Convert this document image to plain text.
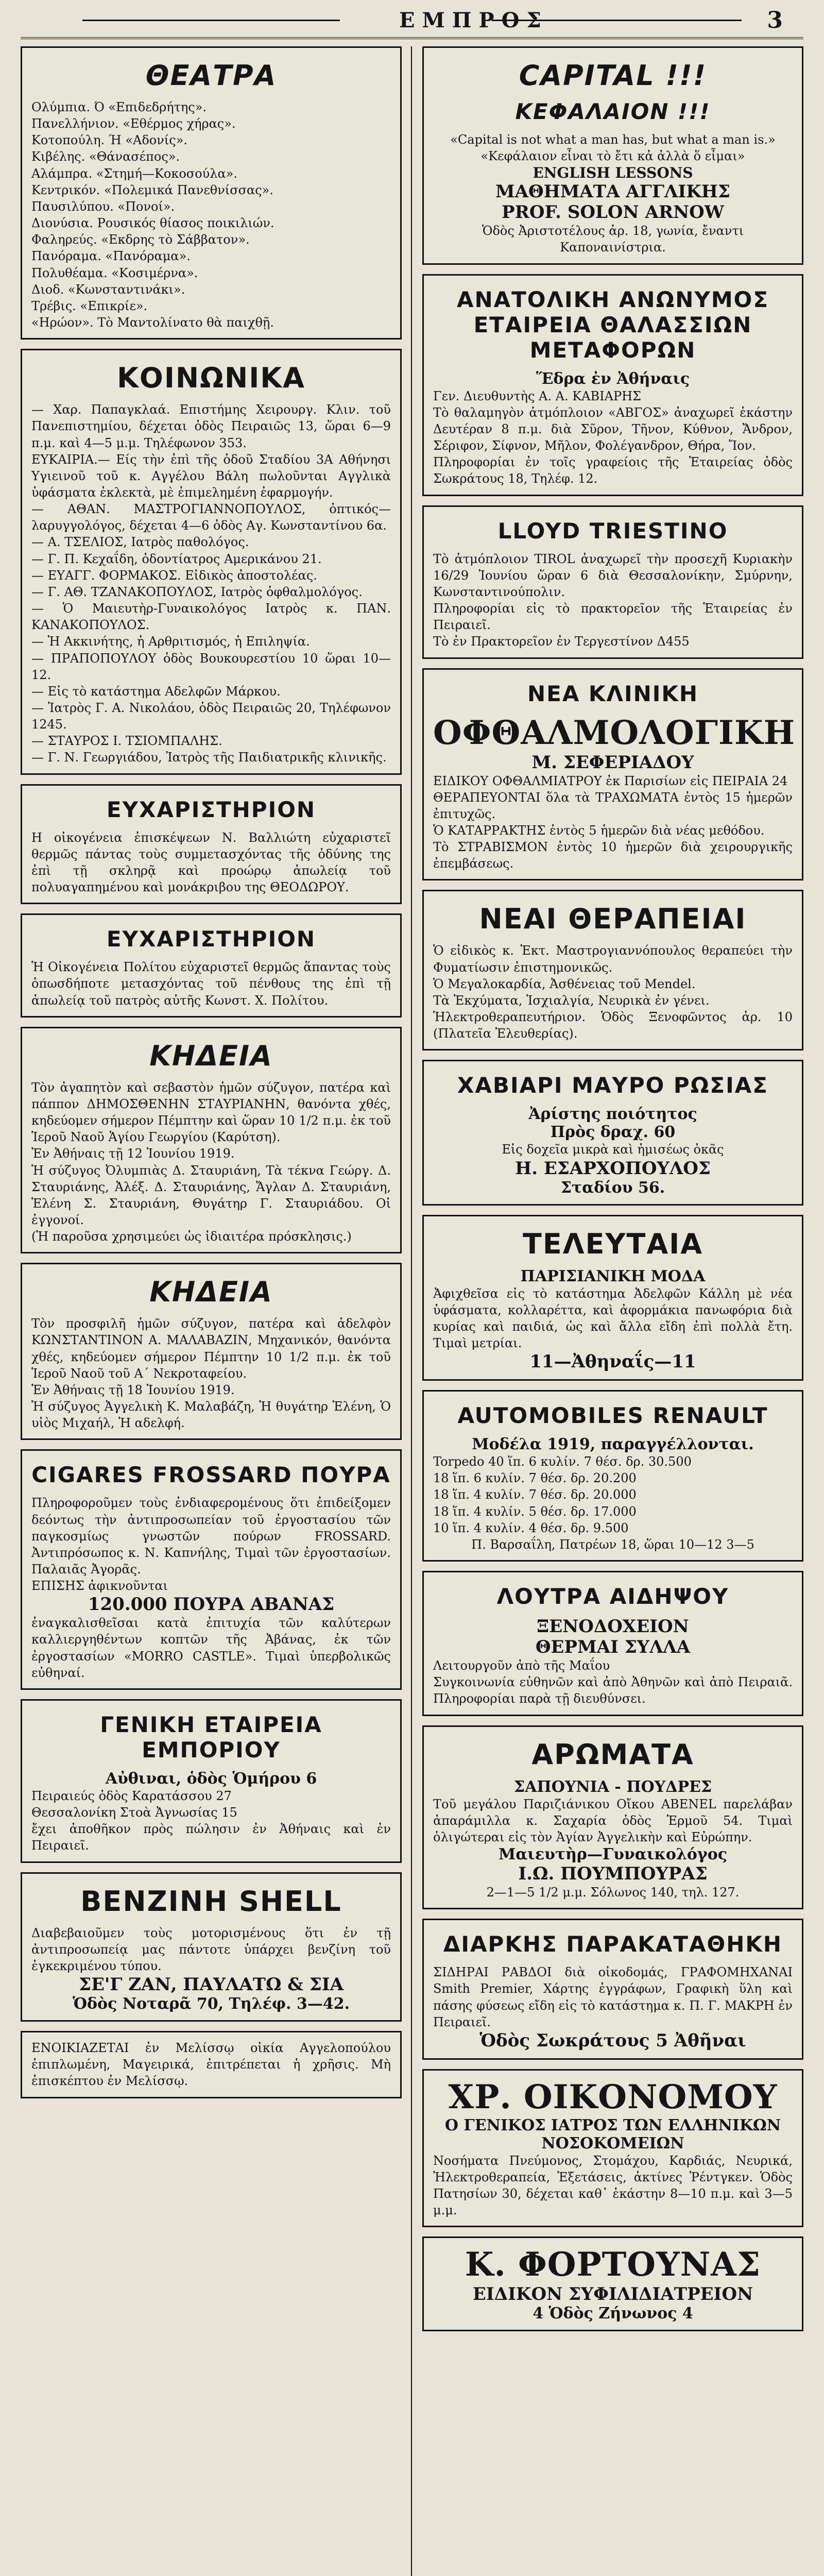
ΕΜΠΡΟΣ	3
ΘΕΑΤΡΑ
Ολύμπια. Ό «Επιδεδρήτης».
Πανελλήνιον. «Εθέρμος χήρας».
Κοτοπούλη. Ή «Αδονίς».
Κιβέλης. «Θάνασέπος».
Αλάμπρα. «Στημή—Κοκοσούλα».
Κεντρικόν. «Πολεμικά Πανεθνίσσας».
Παυσιλύπου. «Πονοί».
Διονύσια. Ρουσικός θίασος ποικιλιών.
Φαληρεύς. «Εκδρης τὸ Σάββατον».
Πανόραμα. «Πανόραμα».
Πολυθέαμα. «Κοσιμέρνα».
Διοδ. «Κωνσταντινάκι».
Τρέβις. «Επικρίε».
«Ηρώον». Τὸ Μαντολίνατο θὰ παιχθῇ.
ΚΟΙΝΩΝΙΚΑ
— Χαρ. Παπαγκλαά. Επιστήμης Χειρουργ. Κλιν. τοῦ Πανεπιστημίου, δέχεται ὁδὸς Πειραιῶς 13, ὥραι 6—9 π.μ. καὶ 4—5 μ.μ. Τηλέφωνον 353.
ΕΥΚΑΙΡΙΑ.— Είς τὴν ἐπὶ τῆς ὁδοῦ Σταδίου 3Α Αθήνησι Υγιεινοῦ τοῦ κ. Αγγέλου Βάλη πωλοῦνται Αγγλικὰ ὑφάσματα ἐκλεκτὰ, μὲ ἐπιμελημένη ἐφαρμογήν.
— ΑΘΑΝ. ΜΑΣΤΡΟΓΙΑΝΝΟΠΟΥΛΟΣ, ὀπτικός—λαρυγγολόγος, δέχεται 4—6 ὁδὸς Αγ. Κωνσταντίνου 6α.
— Α. ΤΣΕΛΙΟΣ, Ιατρὸς παθολόγος.
— Γ. Π. Κεχαΐδη, ὀδοντίατρος Αμερικάνου 21.
— ΕΥΑΓΓ. ΦΟΡΜΑΚΟΣ. Εἰδικὸς ἀποστολέας.
— Γ. ΑΘ. ΤΖΑΝΑΚΟΠΟΥΛΟΣ, Ιατρὸς ὀφθαλμολόγος.
— Ὁ Μαιευτὴρ-Γυναικολόγος Ιατρὸς κ. ΠΑΝ. ΚΑΝΑΚΟΠΟΥΛΟΣ.
— Ἡ Ακκινήτης, ἡ Αρθριτισμός, ἡ Επιληψία.
— ΠΡΑΠΟΠΟΥΛΟΥ ὁδὸς Βουκουρεστίου 10 ὥραι 10—12.
— Εἰς τὸ κατάστημα Αδελφῶν Μάρκου.
— Ἰατρὸς Γ. Α. Νικολάου, ὁδὸς Πειραιῶς 20, Τηλέφωνον 1245.
— ΣΤΑΥΡΟΣ Ι. ΤΣΙΟΜΠΑΛΗΣ.
— Γ. Ν. Γεωργιάδου, Ἰατρὸς τῆς Παιδιατρικῆς κλινικῆς.
ΕΥΧΑΡΙΣΤΗΡΙΟΝ
Η οἰκογένεια ἐπισκέψεων Ν. Βαλλιώτη εὐχαριστεῖ θερμῶς πάντας τοὺς συμμετασχόντας τῆς ὀδύνης της ἐπὶ τῇ σκληρᾷ καὶ προώρῳ ἀπωλείᾳ τοῦ πολυαγαπημένου καὶ μονάκριβου της ΘΕΟΔΩΡΟΥ.
ΕΥΧΑΡΙΣΤΗΡΙΟΝ
Ἡ Οἰκογένεια Πολίτου εὐχαριστεῖ θερμῶς ἅπαντας τοὺς ὁπωσδήποτε μετασχόντας τοῦ πένθους της ἐπὶ τῇ ἀπωλείᾳ τοῦ πατρὸς αὐτῆς Κωνστ. Χ. Πολίτου.
ΚΗΔΕΙΑ
Τὸν ἀγαπητὸν καὶ σεβαστὸν ἡμῶν σύζυγον, πατέρα καὶ πάππον ΔΗΜΟΣΘΕΝΗΝ ΣΤΑΥΡΙΑΝΗΝ, θανόντα χθές, κηδεύομεν σήμερον Πέμπτην καὶ ὥραν 10 1/2 π.μ. ἐκ τοῦ Ἱεροῦ Ναοῦ Ἁγίου Γεωργίου (Καρύτση).
Ἐν Ἀθήναις τῇ 12 Ἰουνίου 1919.
Ἡ σύζυγος Ὀλυμπιὰς Δ. Σταυριάνη, Τὰ τέκνα Γεώργ. Δ. Σταυριάνης, Ἀλέξ. Δ. Σταυριάνης, Ἄγλαν Δ. Σταυριάνη, Ἑλένη Σ. Σταυριάνη, Θυγάτηρ Γ. Σταυριάδου. Οἱ ἐγγονοί.
(Ἡ παροῦσα χρησιμεύει ὡς ἰδιαιτέρα πρόσκλησις.)
ΚΗΔΕΙΑ
Τὸν προσφιλῆ ἡμῶν σύζυγον, πατέρα καὶ ἀδελφὸν ΚΩΝΣΤΑΝΤΙΝΟΝ Α. ΜΑΛΑΒΑΖΙΝ, Μηχανικόν, θανόντα χθές, κηδεύομεν σήμερον Πέμπτην 10 1/2 π.μ. ἐκ τοῦ Ἱεροῦ Ναοῦ τοῦ Α΄ Νεκροταφείου.
Ἐν Ἀθήναις τῇ 18 Ἰουνίου 1919.
Ἡ σύζυγος Ἀγγελικὴ Κ. Μαλαβάζη, Ἡ θυγάτηρ Ἑλένη, Ὁ υἱὸς Μιχαήλ, Ἡ αδελφή.
CIGARES FROSSARD ΠΟΥΡΑ
Πληροφοροῦμεν τοὺς ἐνδιαφερομένους ὅτι ἐπιδείξομεν δεόντως τὴν ἀντιπροσωπείαν τοῦ ἐργοστασίου τῶν παγκοσμίως γνωστῶν πούρων FROSSARD. Ἀντιπρόσωπος κ. Ν. Καπνήλης, Τιμαὶ τῶν ἐργοστασίων. Παλαιᾶς Ἀγορᾶς.
ΕΠΙΣΗΣ ἀφικνοῦνται
120.000 ΠΟΥΡΑ ΑΒΑΝΑΣ
ἐναγκαλισθεῖσαι κατὰ ἐπιτυχία τῶν καλύτερων καλλιεργηθέντων κοπτῶν τῆς Ἀβάνας, ἐκ τῶν ἐργοστασίων «MORRO CASTLE». Τιμαὶ ὑπερβολικῶς εὐθηναί.
ΓΕΝΙΚΗ ΕΤΑΙΡΕΙΑ ΕΜΠΟΡΙΟΥ
Αὐθιναι, ὁδὸς Ὁμήρου 6
Πειραιεύς ὁδὸς Καρατάσσου 27
Θεσσαλονίκη Στοὰ Ἀγνωσίας 15
ἔχει ἀποθῆκον πρὸς πώλησιν ἐν Ἀθήναις καὶ ἐν Πειραιεῖ.
BENZINH SHELL
Διαβεβαιοῦμεν τοὺς μοτορισμένους ὅτι ἐν τῇ ἀντιπροσωπείᾳ μας πάντοτε ὑπάρχει βενζίνη τοῦ ἐγκεκριμένου τύπου.
ΣΕ'Γ ΖΑΝ, ΠΑΥΛΑΤΩ & ΣΙΑ
Ὁδὸς Νοταρᾶ 70, Τηλέφ. 3—42.
ΕΝΟΙΚΙΑΖΕΤΑΙ ἐν Μελίσσῳ οἰκία Αγγελοπούλου ἐπιπλωμένη, Μαγειρικά, ἐπιτρέπεται ἡ χρῆσις. Μὴ ἐπισκέπτου ἐν Μελίσσῳ.
CAPITAL !!!
ΚΕΦΑΛΑΙΟΝ !!!
«Capital is not what a man has, but what a man is.»
«Κεφάλαιον εἶναι τὸ ἔτι κἀ ἀλλὰ ὅ εἶμαι»
ENGLISH LESSONS
ΜΑΘΗΜΑΤΑ ΑΓΓΛΙΚΗΣ
PROF. SOLON ARNOW
Ὁδὸς Ἀριστοτέλους ἀρ. 18, γωνία, ἔναντι Καποναινίστρια.
ΑΝΑΤΟΛΙΚΗ ΑΝΩΝΥΜΟΣ ΕΤΑΙΡΕΙΑ ΘΑΛΑΣΣΙΩΝ ΜΕΤΑΦΟΡΩΝ
Ἕδρα ἐν Ἀθήναις
Γεν. Διευθυντὴς Α. Α. ΚΑΒΙΑΡΗΣ
Τὸ θαλαμηγὸν ἀτμόπλοιον «ΑΒΓΟΣ» ἀναχωρεῖ ἑκάστην Δευτέραν 8 π.μ. διὰ Σῦρον, Τῆνον, Κύθνον, Ἄνδρον, Σέριφον, Σίφνον, Μῆλον, Φολέγανδρον, Θήρα, Ἴον.
Πληροφορίαι ἐν τοῖς γραφείοις τῆς Ἑταιρείας ὁδὸς Σωκράτους 18, Τηλέφ. 12.
LLOYD TRIESTINO
Τὸ ἀτμόπλοιον TIROL ἀναχωρεῖ τὴν προσεχῆ Κυριακὴν 16/29 Ἰουνίου ὥραν 6 διὰ Θεσσαλονίκην, Σμύρνην, Κωνσταντινούπολιν.
Πληροφορίαι εἰς τὸ πρακτορεῖον τῆς Ἑταιρείας ἐν Πειραιεῖ.
Τὸ ἐν Πρακτορεῖον ἐν Τεργεστίνον Δ455
ΝΕΑ ΚΛΙΝΙΚΗ
ΟΦΘΑΛΜΟΛΟΓΙΚΗ
Μ. ΣΕΦΕΡΙΑΔΟΥ
ΕΙΔΙΚΟΥ ΟΦΘΑΛΜΙΑΤΡΟΥ ἐκ Παρισίων εἰς ΠΕΙΡΑΙΑ 24
ΘΕΡΑΠΕΥΟΝΤΑΙ ὅλα τὰ ΤΡΑΧΩΜΑΤΑ ἐντὸς 15 ἡμερῶν ἐπιτυχῶς.
Ὁ ΚΑΤΑΡΡΑΚΤΗΣ ἐντὸς 5 ἡμερῶν διὰ νέας μεθόδου.
Τὸ ΣΤΡΑΒΙΣΜΟΝ ἐντὸς 10 ἡμερῶν διὰ χειρουργικῆς ἐπεμβάσεως.
ΝΕΑΙ ΘΕΡΑΠΕΙΑΙ
Ὁ εἰδικὸς κ. Ἐκτ. Μαστρογιαννόπουλος θεραπεύει τὴν Φυματίωσιν ἐπιστημονικῶς.
Ὁ Μεγαλοκαρδία, Ἀσθένειας τοῦ Mendel.
Τὰ Ἐκχύματα, Ἱσχιαλγία, Νευρικὰ ἐν γένει.
Ἡλεκτροθεραπευτήριον. Ὁδὸς Ξενοφῶντος ἀρ. 10 (Πλατεῖα Ἐλευθερίας).
ΧΑΒΙΑΡΙ ΜΑΥΡΟ ΡΩΣΙΑΣ
Ἀρίστης ποιότητος
Πρὸς δραχ. 60
Εἰς δοχεῖα μικρὰ καὶ ἡμισέως ὁκᾶς
Η. ΕΣΑΡΧΟΠΟΥΛΟΣ
Σταδίου 56.
ΤΕΛΕΥΤΑΙΑ
ΠΑΡΙΣΙΑΝΙΚΗ ΜΟΔΑ
Ἀφιχθεῖσα εἰς τὸ κατάστημα Ἀδελφῶν Κάλλη μὲ νέα ὑφάσματα, κολλαρέττα, καὶ ἀφορμάκια πανωφόρια διὰ κυρίας καὶ παιδιά, ὡς καὶ ἄλλα εἴδη ἐπὶ πολλὰ ἔτη. Τιμαὶ μετρίαι.
11—Ἀθηναΐς—11
AUTOMOBILES RENAULT
Μοδέλα 1919, παραγγέλλονται.
Torpedo 40 ἵπ. 6 κυλίν. 7 θέσ. δρ. 30.500
18 ἵπ. 6 κυλίν. 7 θέσ. δρ. 20.200
18 ἵπ. 4 κυλίν. 7 θέσ. δρ. 20.000
18 ἵπ. 4 κυλίν. 5 θέσ. δρ. 17.000
10 ἵπ. 4 κυλίν. 4 θέσ. δρ. 9.500
Π. Βαρσαΐλη, Πατρέων 18, ὥραι 10—12 3—5
ΛΟΥΤΡΑ ΑΙΔΗΨΟΥ
ΞΕΝΟΔΟΧΕΙΟΝ
ΘΕΡΜΑΙ ΣΥΛΛΑ
Λειτουργοῦν ἀπὸ τῆς Μαΐου
Συγκοινωνία εὐθηνῶν καὶ ἀπὸ Ἀθηνῶν καὶ ἀπὸ Πειραιᾶ. Πληροφορίαι παρὰ τῇ διευθύνσει.
ΑΡΩΜΑΤΑ
ΣΑΠΟΥΝΙΑ - ΠΟΥΔΡΕΣ
Τοῦ μεγάλου Παριζιάνικου Οἴκου ABENEL παρελάβαν ἀπαράμιλλα κ. Σαχαρία ὁδὸς Ἑρμοῦ 54. Τιμαὶ ὁλιγώτεραι εἰς τὸν Ἀγίαν Ἀγγελικὴν καὶ Εὐρώπην.
Μαιευτὴρ—Γυναικολόγος
Ι.Ω. ΠΟΥΜΠΟΥΡΑΣ
2—1—5 1/2 μ.μ. Σόλωνος 140, τηλ. 127.
ΔΙΑΡΚΗΣ ΠΑΡΑΚΑΤΑΘΗΚΗ
ΣΙΔΗΡΑΙ ΡΑΒΔΟΙ διὰ οἰκοδομάς, ΓΡΑΦΟΜΗΧΑΝΑΙ Smith Premier, Χάρτης ἐγγράφων, Γραφικὴ ὕλη καὶ πάσης φύσεως εἴδη εἰς τὸ κατάστημα κ. Π. Γ. ΜΑΚΡΗ ἐν Πειραιεῖ.
Ὁδὸς Σωκράτους 5 Ἀθῆναι
ΧΡ. ΟΙΚΟΝΟΜΟΥ
Ο ΓΕΝΙΚΟΣ ΙΑΤΡΟΣ ΤΩΝ ΕΛΛΗΝΙΚΩΝ ΝΟΣΟΚΟΜΕΙΩΝ
Νοσήματα Πνεύμονος, Στομάχου, Καρδιάς, Νευρικά, Ἠλεκτροθεραπεία, Ἐξετάσεις, ἀκτίνες Ῥέντγκεν. Ὁδὸς Πατησίων 30, δέχεται καθ᾽ ἑκάστην 8—10 π.μ. καὶ 3—5 μ.μ.
Κ. ΦΟΡΤΟΥΝΑΣ
ΕΙΔΙΚΟΝ ΣΥΦΙΛΙΔΙΑΤΡΕΙΟΝ
4 Ὁδὸς Ζήνωνος 4
